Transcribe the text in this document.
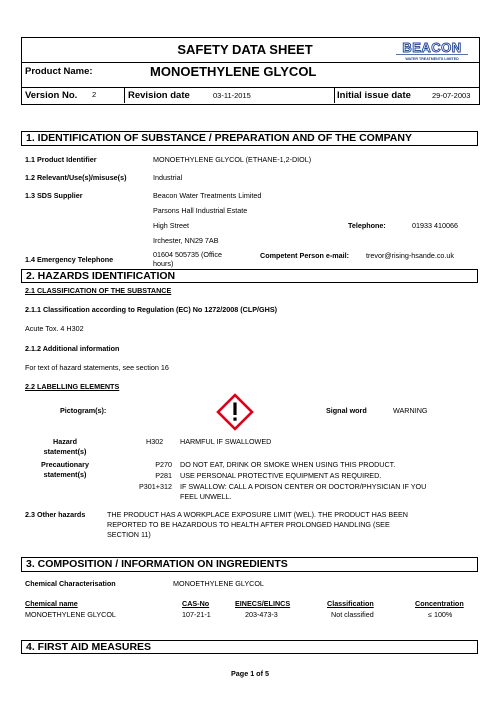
SAFETY DATA SHEET	BEACON
WATER TREATMENTS LIMITED
Product Name:	MONOETHYLENE GLYCOL
Version No. 2	Revision date	03-11-2015	Initial issue date	29-07-2003
1. IDENTIFICATION OF SUBSTANCE / PREPARATION AND OF THE COMPANY
1.1 Product Identifier	MONOETHYLENE GLYCOL (ETHANE-1,2-DIOL)
1.2 Relevant/Use(s)/misuse(s)	Industrial
1.3 SDS Supplier	Beacon Water Treatments Limited
Parsons Hall Industrial Estate
High Street
Irchester, NN29 7AB
Telephone:	01933 410066
1.4 Emergency Telephone
01604 505735 (Office
hours)
Competent Person e-mail: trevor@rising-hsande.co.uk
2. HAZARDS IDENTIFICATION
2.1 CLASSIFICATION OF THE SUBSTANCE
2.1.1 Classification according to Regulation (EC) No 1272/2008 (CLP/GHS)
Acute Tox. 4 H302
2.1.2 Additional information
For text of hazard statements, see section 16
2.2 LABELLING ELEMENTS
Pictogram(s):	Signal word	WARNING
Hazard
statement(s)
H302 HARMFUL IF SWALLOWED
Precautionary
statement(s)
P270 DO NOT EAT, DRINK OR SMOKE WHEN USING THIS PRODUCT.
P281 USE PERSONAL PROTECTIVE EQUIPMENT AS REQUIRED.
P301+312 IF SWALLOW: CALL A POISON CENTER OR DOCTOR/PHYSICIAN IF YOU
FEEL UNWELL.
2.3 Other hazards	THE PRODUCT HAS A WORKPLACE EXPOSURE LIMIT (WEL). THE PRODUCT HAS BEEN
REPORTED TO BE HAZARDOUS TO HEALTH AFTER PROLONGED HANDLING (SEE
SECTION 11)
3. COMPOSITION / INFORMATION ON INGREDIENTS
Chemical Characterisation	MONOETHYLENE GLYCOL
Chemical name	CAS-No	EINECS/ELINCS	Classification	Concentration
MONOETHYLENE GLYCOL	107-21-1	203-473-3	Not classified	≤ 100%
4. FIRST AID MEASURES
Page 1 of 5
